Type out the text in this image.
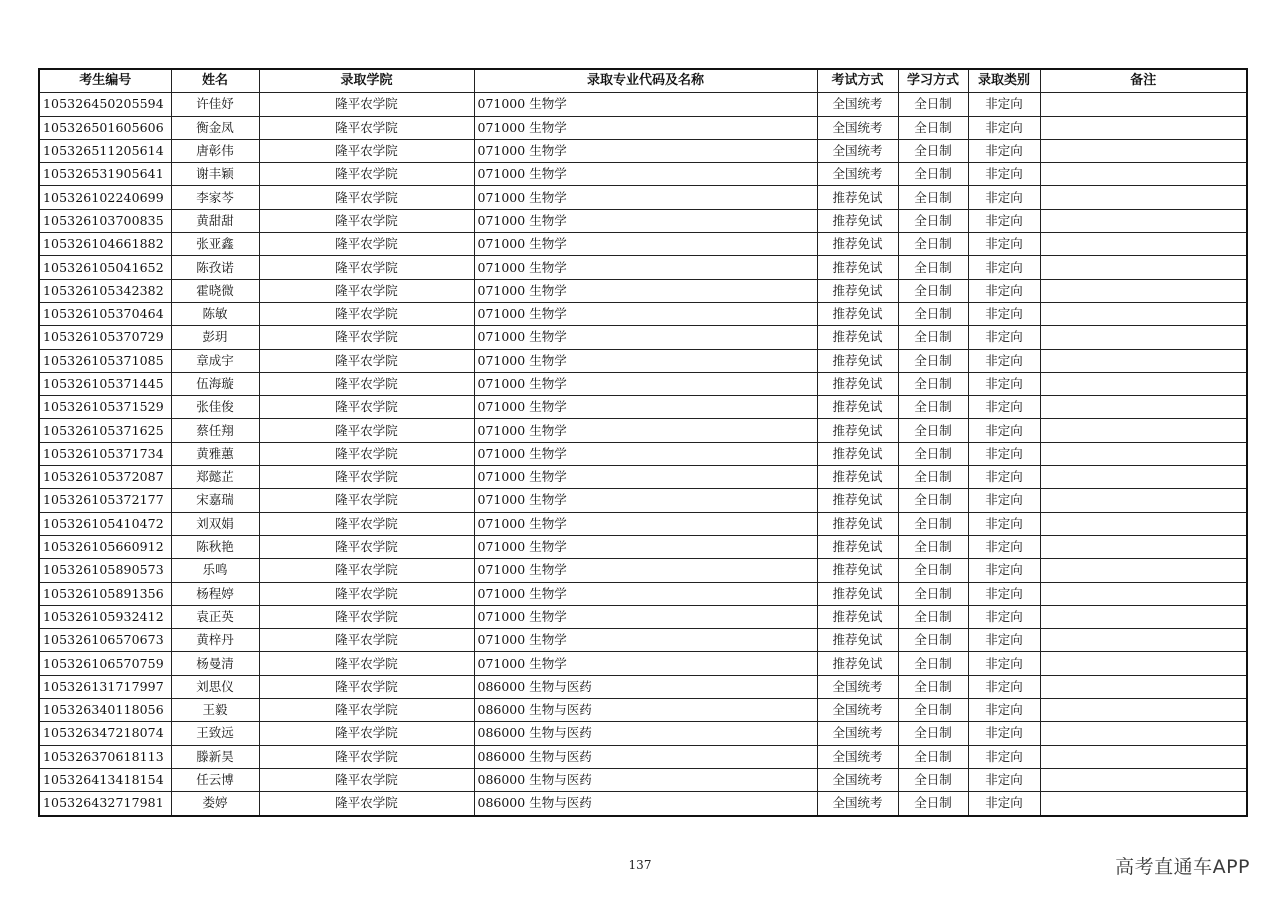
考生编号	姓名	录取学院	录取专业代码及名称	考试方式	学习方式	录取类别	备注
105326450205594	许佳妤	隆平农学院	071000 生物学	全国统考	全日制	非定向	
105326501605606	衡金凤	隆平农学院	071000 生物学	全国统考	全日制	非定向	
105326511205614	唐彰伟	隆平农学院	071000 生物学	全国统考	全日制	非定向	
105326531905641	谢丰颖	隆平农学院	071000 生物学	全国统考	全日制	非定向	
105326102240699	李家芩	隆平农学院	071000 生物学	推荐免试	全日制	非定向	
105326103700835	黄甜甜	隆平农学院	071000 生物学	推荐免试	全日制	非定向	
105326104661882	张亚鑫	隆平农学院	071000 生物学	推荐免试	全日制	非定向	
105326105041652	陈孜诺	隆平农学院	071000 生物学	推荐免试	全日制	非定向	
105326105342382	霍晓微	隆平农学院	071000 生物学	推荐免试	全日制	非定向	
105326105370464	陈敏	隆平农学院	071000 生物学	推荐免试	全日制	非定向	
105326105370729	彭玥	隆平农学院	071000 生物学	推荐免试	全日制	非定向	
105326105371085	章成宇	隆平农学院	071000 生物学	推荐免试	全日制	非定向	
105326105371445	伍海璇	隆平农学院	071000 生物学	推荐免试	全日制	非定向	
105326105371529	张佳俊	隆平农学院	071000 生物学	推荐免试	全日制	非定向	
105326105371625	蔡任翔	隆平农学院	071000 生物学	推荐免试	全日制	非定向	
105326105371734	黄雅蕙	隆平农学院	071000 生物学	推荐免试	全日制	非定向	
105326105372087	郑懿芷	隆平农学院	071000 生物学	推荐免试	全日制	非定向	
105326105372177	宋嘉瑞	隆平农学院	071000 生物学	推荐免试	全日制	非定向	
105326105410472	刘双娟	隆平农学院	071000 生物学	推荐免试	全日制	非定向	
105326105660912	陈秋艳	隆平农学院	071000 生物学	推荐免试	全日制	非定向	
105326105890573	乐鸣	隆平农学院	071000 生物学	推荐免试	全日制	非定向	
105326105891356	杨程婷	隆平农学院	071000 生物学	推荐免试	全日制	非定向	
105326105932412	袁正英	隆平农学院	071000 生物学	推荐免试	全日制	非定向	
105326106570673	黄梓丹	隆平农学院	071000 生物学	推荐免试	全日制	非定向	
105326106570759	杨曼清	隆平农学院	071000 生物学	推荐免试	全日制	非定向	
105326131717997	刘思仪	隆平农学院	086000 生物与医药	全国统考	全日制	非定向	
105326340118056	王毅	隆平农学院	086000 生物与医药	全国统考	全日制	非定向	
105326347218074	王致远	隆平农学院	086000 生物与医药	全国统考	全日制	非定向	
105326370618113	滕新昊	隆平农学院	086000 生物与医药	全国统考	全日制	非定向	
105326413418154	任云博	隆平农学院	086000 生物与医药	全国统考	全日制	非定向	
105326432717981	娄婷	隆平农学院	086000 生物与医药	全国统考	全日制	非定向	
137	高考直通车APP
